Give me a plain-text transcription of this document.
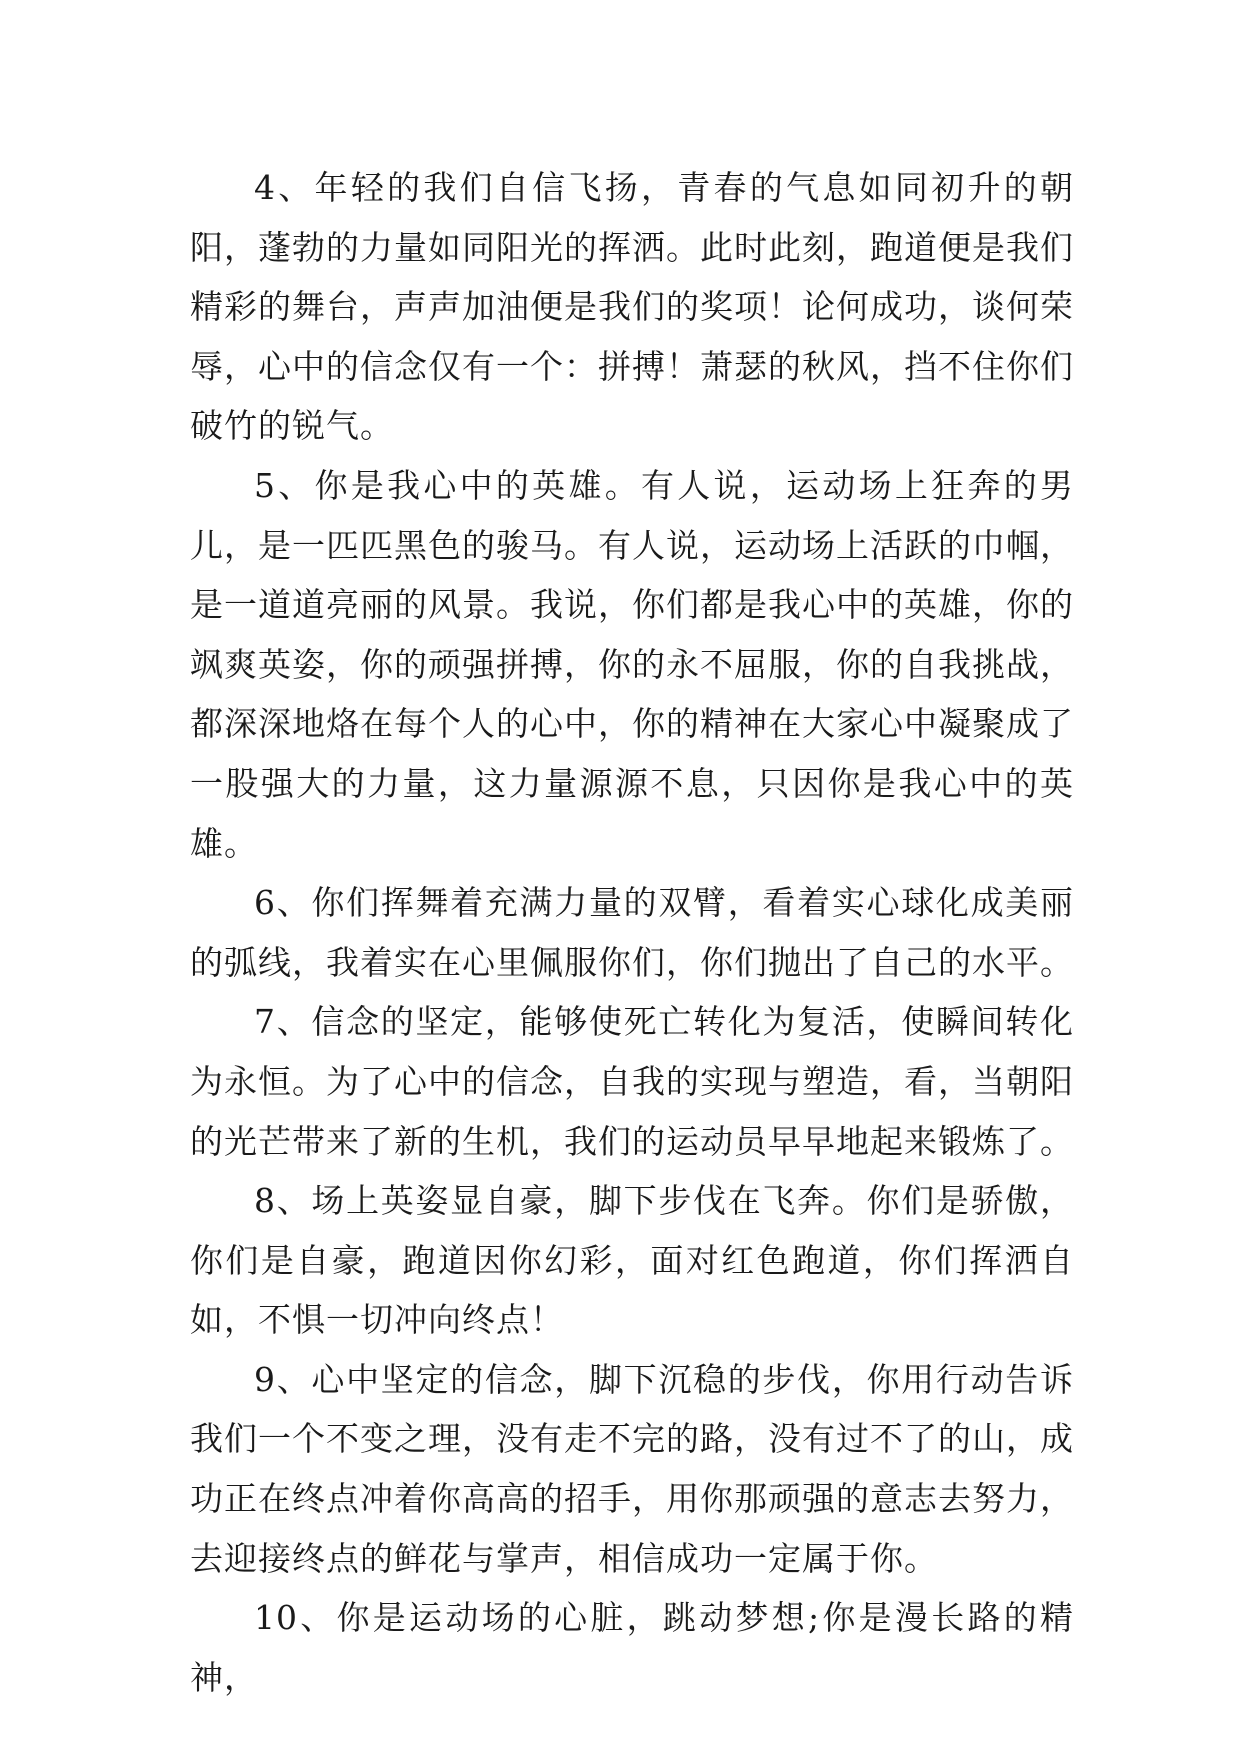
4、年轻的我们自信飞扬，青春的气息如同初升的朝阳，蓬勃的力量如同阳光的挥洒。此时此刻，跑道便是我们精彩的舞台，声声加油便是我们的奖项！论何成功，谈何荣辱，心中的信念仅有一个：拼搏！萧瑟的秋风，挡不住你们破竹的锐气。

5、你是我心中的英雄。有人说，运动场上狂奔的男儿，是一匹匹黑色的骏马。有人说，运动场上活跃的巾帼，是一道道亮丽的风景。我说，你们都是我心中的英雄，你的飒爽英姿，你的顽强拼搏，你的永不屈服，你的自我挑战，都深深地烙在每个人的心中，你的精神在大家心中凝聚成了一股强大的力量，这力量源源不息，只因你是我心中的英雄。

6、你们挥舞着充满力量的双臂，看着实心球化成美丽的弧线，我着实在心里佩服你们，你们抛出了自己的水平。

7、信念的坚定，能够使死亡转化为复活，使瞬间转化为永恒。为了心中的信念，自我的实现与塑造，看，当朝阳的光芒带来了新的生机，我们的运动员早早地起来锻炼了。

8、场上英姿显自豪，脚下步伐在飞奔。你们是骄傲，你们是自豪，跑道因你幻彩，面对红色跑道，你们挥洒自如，不惧一切冲向终点！

9、心中坚定的信念，脚下沉稳的步伐，你用行动告诉我们一个不变之理，没有走不完的路，没有过不了的山，成功正在终点冲着你高高的招手，用你那顽强的意志去努力，去迎接终点的鲜花与掌声，相信成功一定属于你。

10、你是运动场的心脏，跳动梦想;你是漫长路的精神，
